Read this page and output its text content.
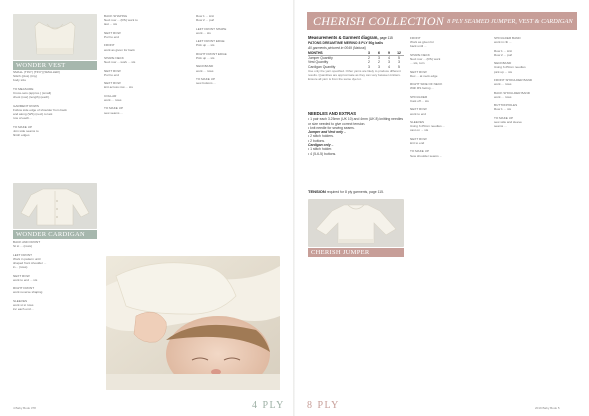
WONDER VEST
WONDER CARDIGAN
SMALL (TINY) [TINY] [SMALLER]
Stitch (plus) (tiny)
body size

TO MEASURE
Cross-sets (approx.) (small)
chest (row) (length) (each)

GARMENT ROWS
Follow side edge of shoulder from back
and along (WS) (next) to last
row of each...

TO MAKE UP
Join side seams to
finish edges
BACK AND FRONT
St st ... (rows)

LEFT FRONT
Work in pattern until
shaped front shoulder ...
in... (rows)

NEXT ROW
work to end ... sts

RIGHT FRONT
work reverse shaping

SLEEVES
work st st rows
inc each end ...
BACK SHAPING
Next row ... (RS) work to
last ... sts

NEXT ROW
Purl to end

FRONT
work as given for back

SHAPE NECK
Next row ... work ... sts

NEXT ROW
Purl to end

NEXT ROW
knit across row ... sts

COLLAR
work ... rows

TO MAKE UP
sew seams ...
Row 1 ... knit
Row 2 ... purl

LEFT FRONT SHAPE
work ... sts

LEFT FRONT EDGE
Pick up ... sts

RIGHT FRONT EDGE
Pick up ... sts

NECKBAND
work ... rows

TO MAKE UP
sew buttons ...
4 Baby Book 378	4 PLY
CHERISH COLLECTION 8 PLY SEAMED JUMPER, VEST & CARDIGAN
Measurements & Garment diagram, page 115
PATONS DREAMTIME MERINO 8 PLY 50g balls
All garments pictured in 0049 (Natural)
MONTHS	3	6	9	12
Jumper Quantity	2	3	4	5
Vest Quantity	2	2	3	3
Cardigan Quantity	3	3	4	5
Use only the yarn specified. Other yarns are likely to produce different results. Quantities are approximate as they can vary between knitters. Ensure all yarn is from the same dye lot.
NEEDLES AND EXTRAS
• 1 pair each 3.25mm (UK 10) and 4mm (UK 8) knitting needles or size needed to give correct tension.
• knit needle for sewing seams.
Jumper and Vest only –
• 2 stitch holders.
• 2 buttons.
Cardigan only –
• 1 stitch holder.
• 4 (5-6-5) buttons.
TENSION required for 8 ply garments, page 115.
CHERISH JUMPER
FRONT
Work as given for
back until ...

SHAPE NECK
Next row ... (RS) work
... sts, turn

NEXT ROW
Dec ... at neck edge

RIGHT SIDE OF NECK
With RS facing ...

SHOULDER
Cast off ... sts

NEXT ROW
work to end

SLEEVES
Using 3.25mm needles ...
cast on ... sts

NEXT ROW
knit to end

TO MAKE UP
Sew shoulder seams ...
SHOULDER BAND
work in rib ...

Row 1 ... knit
Row 2 ... purl

NECKBAND
Using 3.25mm needles
pick up ... sts

FRONT SHOULDER BAND
work ... rows

BACK SHOULDER BAND
work ... rows

BUTTONHOLES
Row 1 ... sts

TO MAKE UP
sew side and sleeve
seams ...
8 PLY	2019 Baby Book 5
